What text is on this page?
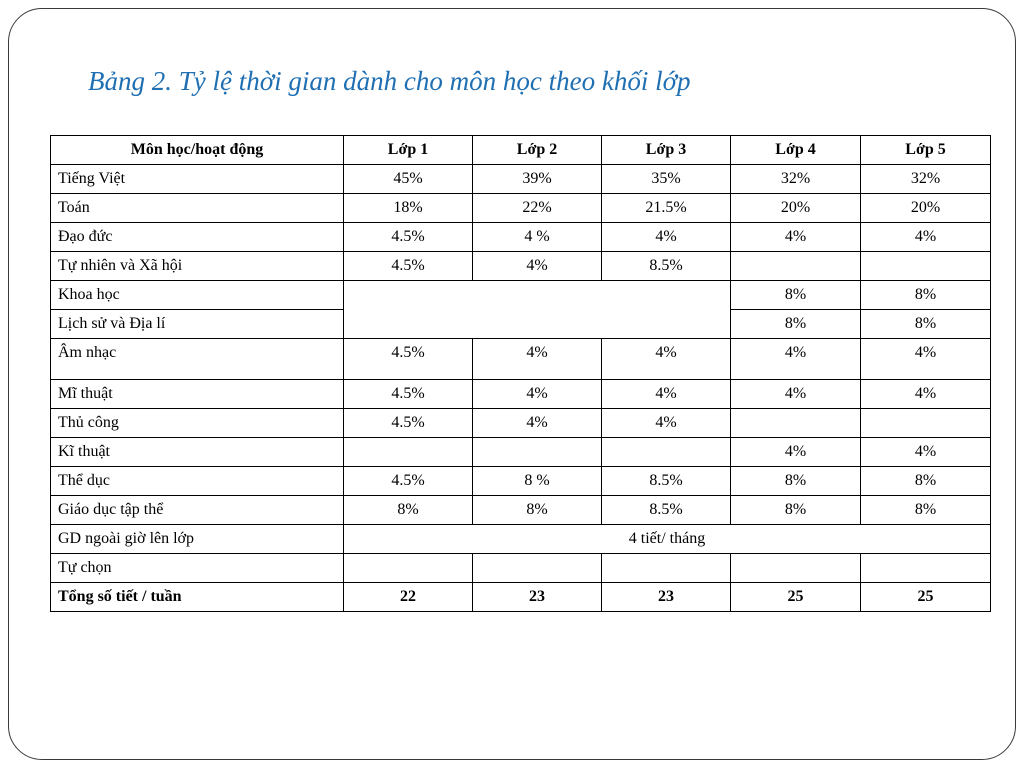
Bảng 2. Tỷ lệ thời gian dành cho môn học theo khối lớp
Môn học/hoạt động	Lớp 1	Lớp 2	Lớp 3	Lớp 4	Lớp 5
Tiếng Việt	45%	39%	35%	32%	32%
Toán	18%	22%	21.5%	20%	20%
Đạo đức	4.5%	4 %	4%	4%	4%
Tự nhiên và Xã hội	4.5%	4%	8.5%		
Khoa học				8%	8%
Lịch sử và Địa lí				8%	8%
Âm nhạc	4.5%	4%	4%	4%	4%
Mĩ thuật	4.5%	4%	4%	4%	4%
Thủ công	4.5%	4%	4%		
Kĩ thuật				4%	4%
Thể dục	4.5%	8 %	8.5%	8%	8%
Giáo dục tập thể	8%	8%	8.5%	8%	8%
GD ngoài giờ lên lớp	4 tiết/ tháng				
Tự chọn					
Tổng số tiết / tuần	22	23	23	25	25
